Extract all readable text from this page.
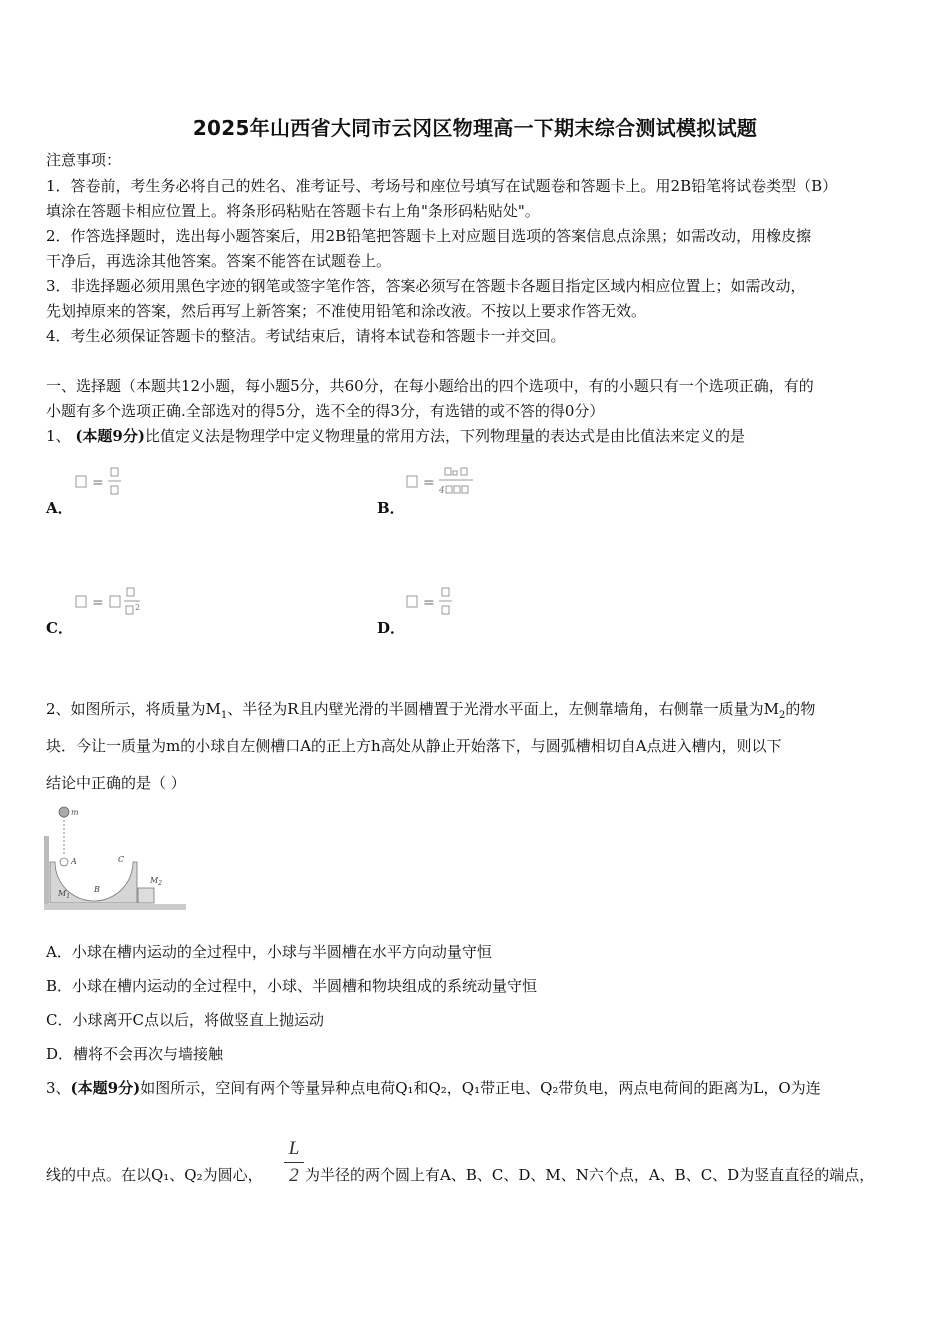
2025年山西省大同市云冈区物理高一下期末综合测试模拟试题
注意事项：
1．答卷前，考生务必将自己的姓名、准考证号、考场号和座位号填写在试题卷和答题卡上。用2B铅笔将试卷类型（B）
填涂在答题卡相应位置上。将条形码粘贴在答题卡右上角"条形码粘贴处"。
2．作答选择题时，选出每小题答案后，用2B铅笔把答题卡上对应题目选项的答案信息点涂黑；如需改动，用橡皮擦
干净后，再选涂其他答案。答案不能答在试题卷上。
3．非选择题必须用黑色字迹的钢笔或签字笔作答，答案必须写在答题卡各题目指定区域内相应位置上；如需改动，
先划掉原来的答案，然后再写上新答案；不准使用铅笔和涂改液。不按以上要求作答无效。
4．考生必须保证答题卡的整洁。考试结束后，请将本试卷和答题卡一并交回。
一、选择题（本题共12小题，每小题5分，共60分，在每小题给出的四个选项中，有的小题只有一个选项正确，有的
小题有多个选项正确.全部选对的得5分，选不全的得3分，有选错的或不答的得0分）
1、 (本题9分)比值定义法是物理学中定义物理量的常用方法，下列物理量的表达式是由比值法来定义的是
=
A．
= 4
B．
=	2
C．
=
D．
2、如图所示，将质量为$M_1$、半径为R且内壁光滑的半圆槽置于光滑水平面上，左侧靠墙角，右侧靠一质量为$M_2$的物
块．今让一质量为m的小球自左侧槽口A的正上方h高处从静止开始落下，与圆弧槽相切自A点进入槽内，则以下
结论中正确的是（ ）
m
A
B
C
$M_1$
$M_2$
A．小球在槽内运动的全过程中，小球与半圆槽在水平方向动量守恒
B．小球在槽内运动的全过程中，小球、半圆槽和物块组成的系统动量守恒
C．小球离开C点以后，将做竖直上抛运动
D．槽将不会再次与墙接触
3、(本题9分)如图所示，空间有两个等量异种点电荷Q₁和Q₂，Q₁带正电、Q₂带负电，两点电荷间的距离为L，O为连
L
2
线的中点。在以Q₁、Q₂为圆心，	为半径的两个圆上有A、B、C、D、M、N六个点，A、B、C、D为竖直直径的端点，
